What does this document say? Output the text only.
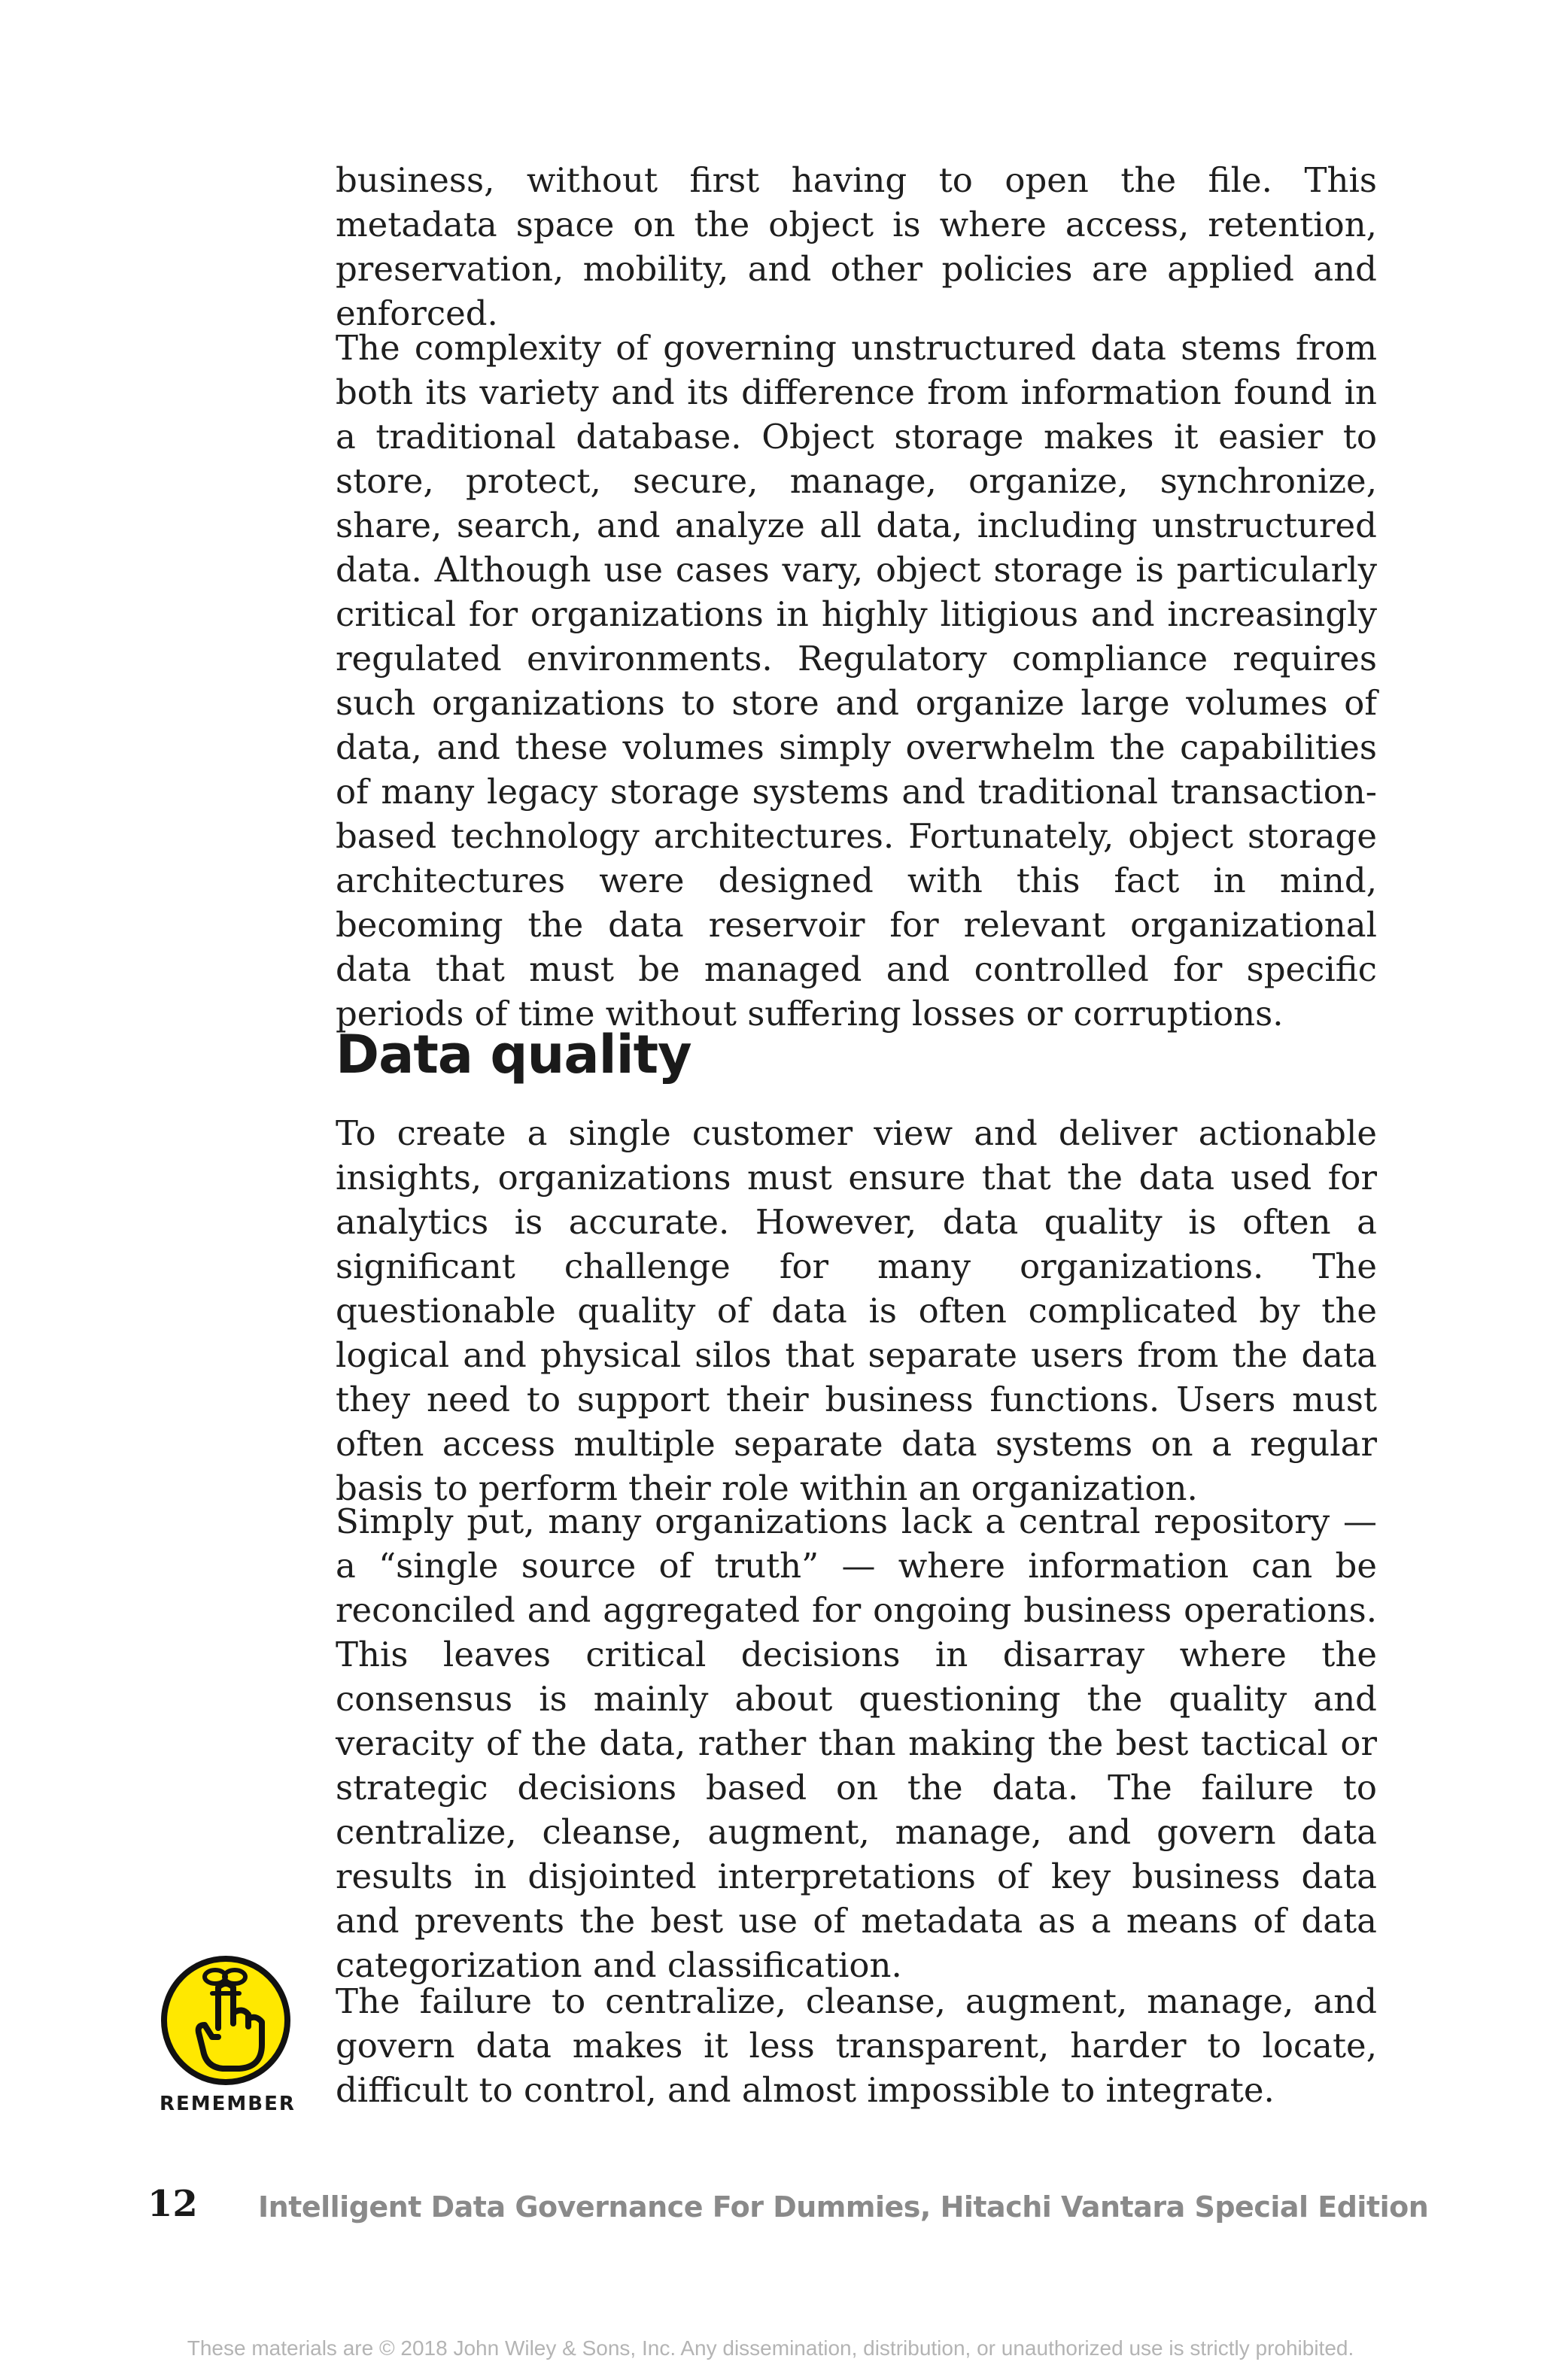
business, without first having to open the file. This metadata space on the object is where access, retention, preservation, mobility, and other policies are applied and enforced.

The complexity of governing unstructured data stems from both its variety and its difference from information found in a traditional database. Object storage makes it easier to store, protect, secure, manage, organize, synchronize, share, search, and analyze all data, including unstructured data. Although use cases vary, object storage is particularly critical for organizations in highly litigious and increasingly regulated environments. Regulatory compliance requires such organizations to store and organize large volumes of data, and these volumes simply overwhelm the capabilities of many legacy storage systems and traditional transaction-based technology architectures. Fortunately, object storage architectures were designed with this fact in mind, becoming the data reservoir for relevant organizational data that must be managed and controlled for specific periods of time without suffering losses or corruptions.

Data quality

To create a single customer view and deliver actionable insights, organizations must ensure that the data used for analytics is accurate. However, data quality is often a significant challenge for many organizations. The questionable quality of data is often complicated by the logical and physical silos that separate users from the data they need to support their business functions. Users must often access multiple separate data systems on a regular basis to perform their role within an organization.

Simply put, many organizations lack a central repository — a “single source of truth” — where information can be reconciled and aggregated for ongoing business operations. This leaves critical decisions in disarray where the consensus is mainly about questioning the quality and veracity of the data, rather than making the best tactical or strategic decisions based on the data. The failure to centralize, cleanse, augment, manage, and govern data results in disjointed interpretations of key business data and prevents the best use of metadata as a means of data categorization and classification.

The failure to centralize, cleanse, augment, manage, and govern data makes it less transparent, harder to locate, difficult to control, and almost impossible to integrate.

REMEMBER
12 Intelligent Data Governance For Dummies, Hitachi Vantara Special Edition
These materials are © 2018 John Wiley & Sons, Inc. Any dissemination, distribution, or unauthorized use is strictly prohibited.
